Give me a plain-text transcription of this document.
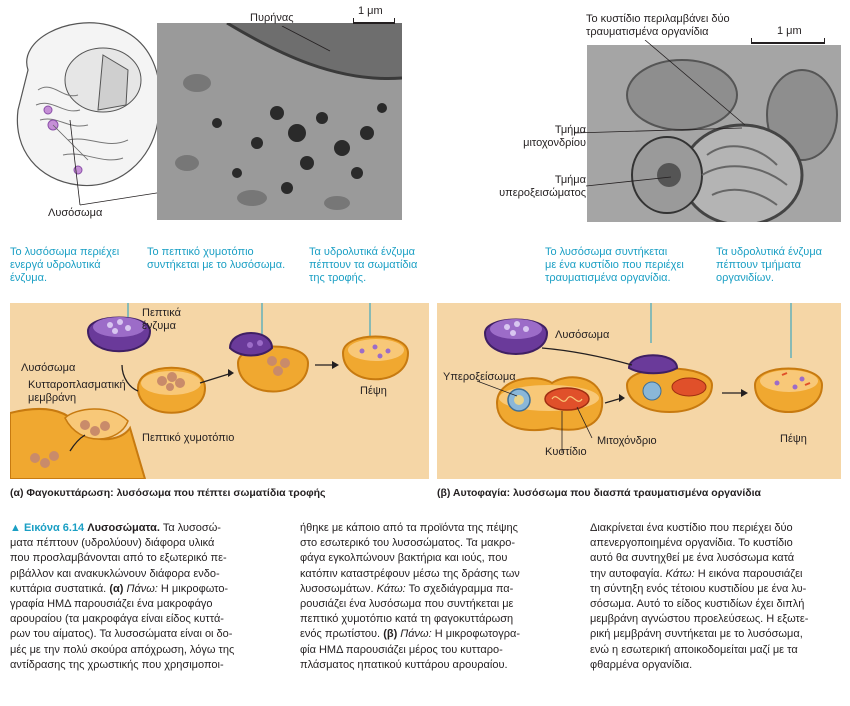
Πυρήνας
1 μm
Λυσόσωμα
Το κυστίδιο περιλαμβάνει δύο
τραυματισμένα οργανίδια	1 μm
Τμήμα
μιτοχονδρίου
Τμήμα
υπεροξεισώματος
Το λυσόσωμα περιέχει
ενεργά υδρολυτικά
ένζυμα.
Το πεπτικό χυμοτόπιο
συντήκεται με το λυσόσωμα.
Τα υδρολυτικά ένζυμα
πέπτουν τα σωματίδια
της τροφής.
Πεπτικά
ένζυμα
Λυσόσωμα
Κυτταροπλασματική
μεμβράνη
Πεπτικό χυμοτόπιο
Πέψη
(α) Φαγοκυττάρωση: λυσόσωμα που πέπτει σωματίδια τροφής
Το λυσόσωμα συντήκεται
με ένα κυστίδιο που περιέχει
τραυματισμένα οργανίδια.
Τα υδρολυτικά ένζυμα
πέπτουν τμήματα
οργανιδίων.
Λυσόσωμα
Υπεροξείσωμα
Μιτοχόνδριο
Κυστίδιο
Πέψη
(β) Αυτοφαγία: λυσόσωμα που διασπά τραυματισμένα οργανίδια
▲ Εικόνα 6.14 Λυσοσώματα. Τα λυσοσώ-
ματα πέπτουν (υδρολύουν) διάφορα υλικά
που προσλαμβάνονται από το εξωτερικό πε-
ριβάλλον και ανακυκλώνουν διάφορα ενδο-
κυττάρια συστατικά. (α) Πάνω: Η μικροφωτο-
γραφία ΗΜΔ παρουσιάζει ένα μακροφάγο
αρουραίου (τα μακροφάγα είναι είδος κυττά-
ρων του αίματος). Τα λυσοσώματα είναι οι δο-
μές με την πολύ σκούρα απόχρωση, λόγω της
αντίδρασης της χρωστικής που χρησιμοποι-
ήθηκε με κάποιο από τα προϊόντα της πέψης
στο εσωτερικό του λυσοσώματος. Τα μακρο-
φάγα εγκολπώνουν βακτήρια και ιούς, που
κατόπιν καταστρέφουν μέσω της δράσης των
λυσοσωμάτων. Κάτω: Το σχεδιάγραμμα πα-
ρουσιάζει ένα λυσόσωμα που συντήκεται με
πεπτικό χυμοτόπιο κατά τη φαγοκυττάρωση
ενός πρωτίστου. (β) Πάνω: Η μικροφωτογρα-
φία ΗΜΔ παρουσιάζει μέρος του κυτταρο-
πλάσματος ηπατικού κυττάρου αρουραίου.
Διακρίνεται ένα κυστίδιο που περιέχει δύο
απενεργοποιημένα οργανίδια. Το κυστίδιο
αυτό θα συντηχθεί με ένα λυσόσωμα κατά
την αυτοφαγία. Κάτω: Η εικόνα παρουσιάζει
τη σύντηξη ενός τέτοιου κυστιδίου με ένα λυ-
σόσωμα. Αυτό το είδος κυστιδίων έχει διπλή
μεμβράνη αγνώστου προελεύσεως. Η εξωτε-
ρική μεμβράνη συντήκεται με το λυσόσωμα,
ενώ η εσωτερική αποικοδομείται μαζί με τα
φθαρμένα οργανίδια.
